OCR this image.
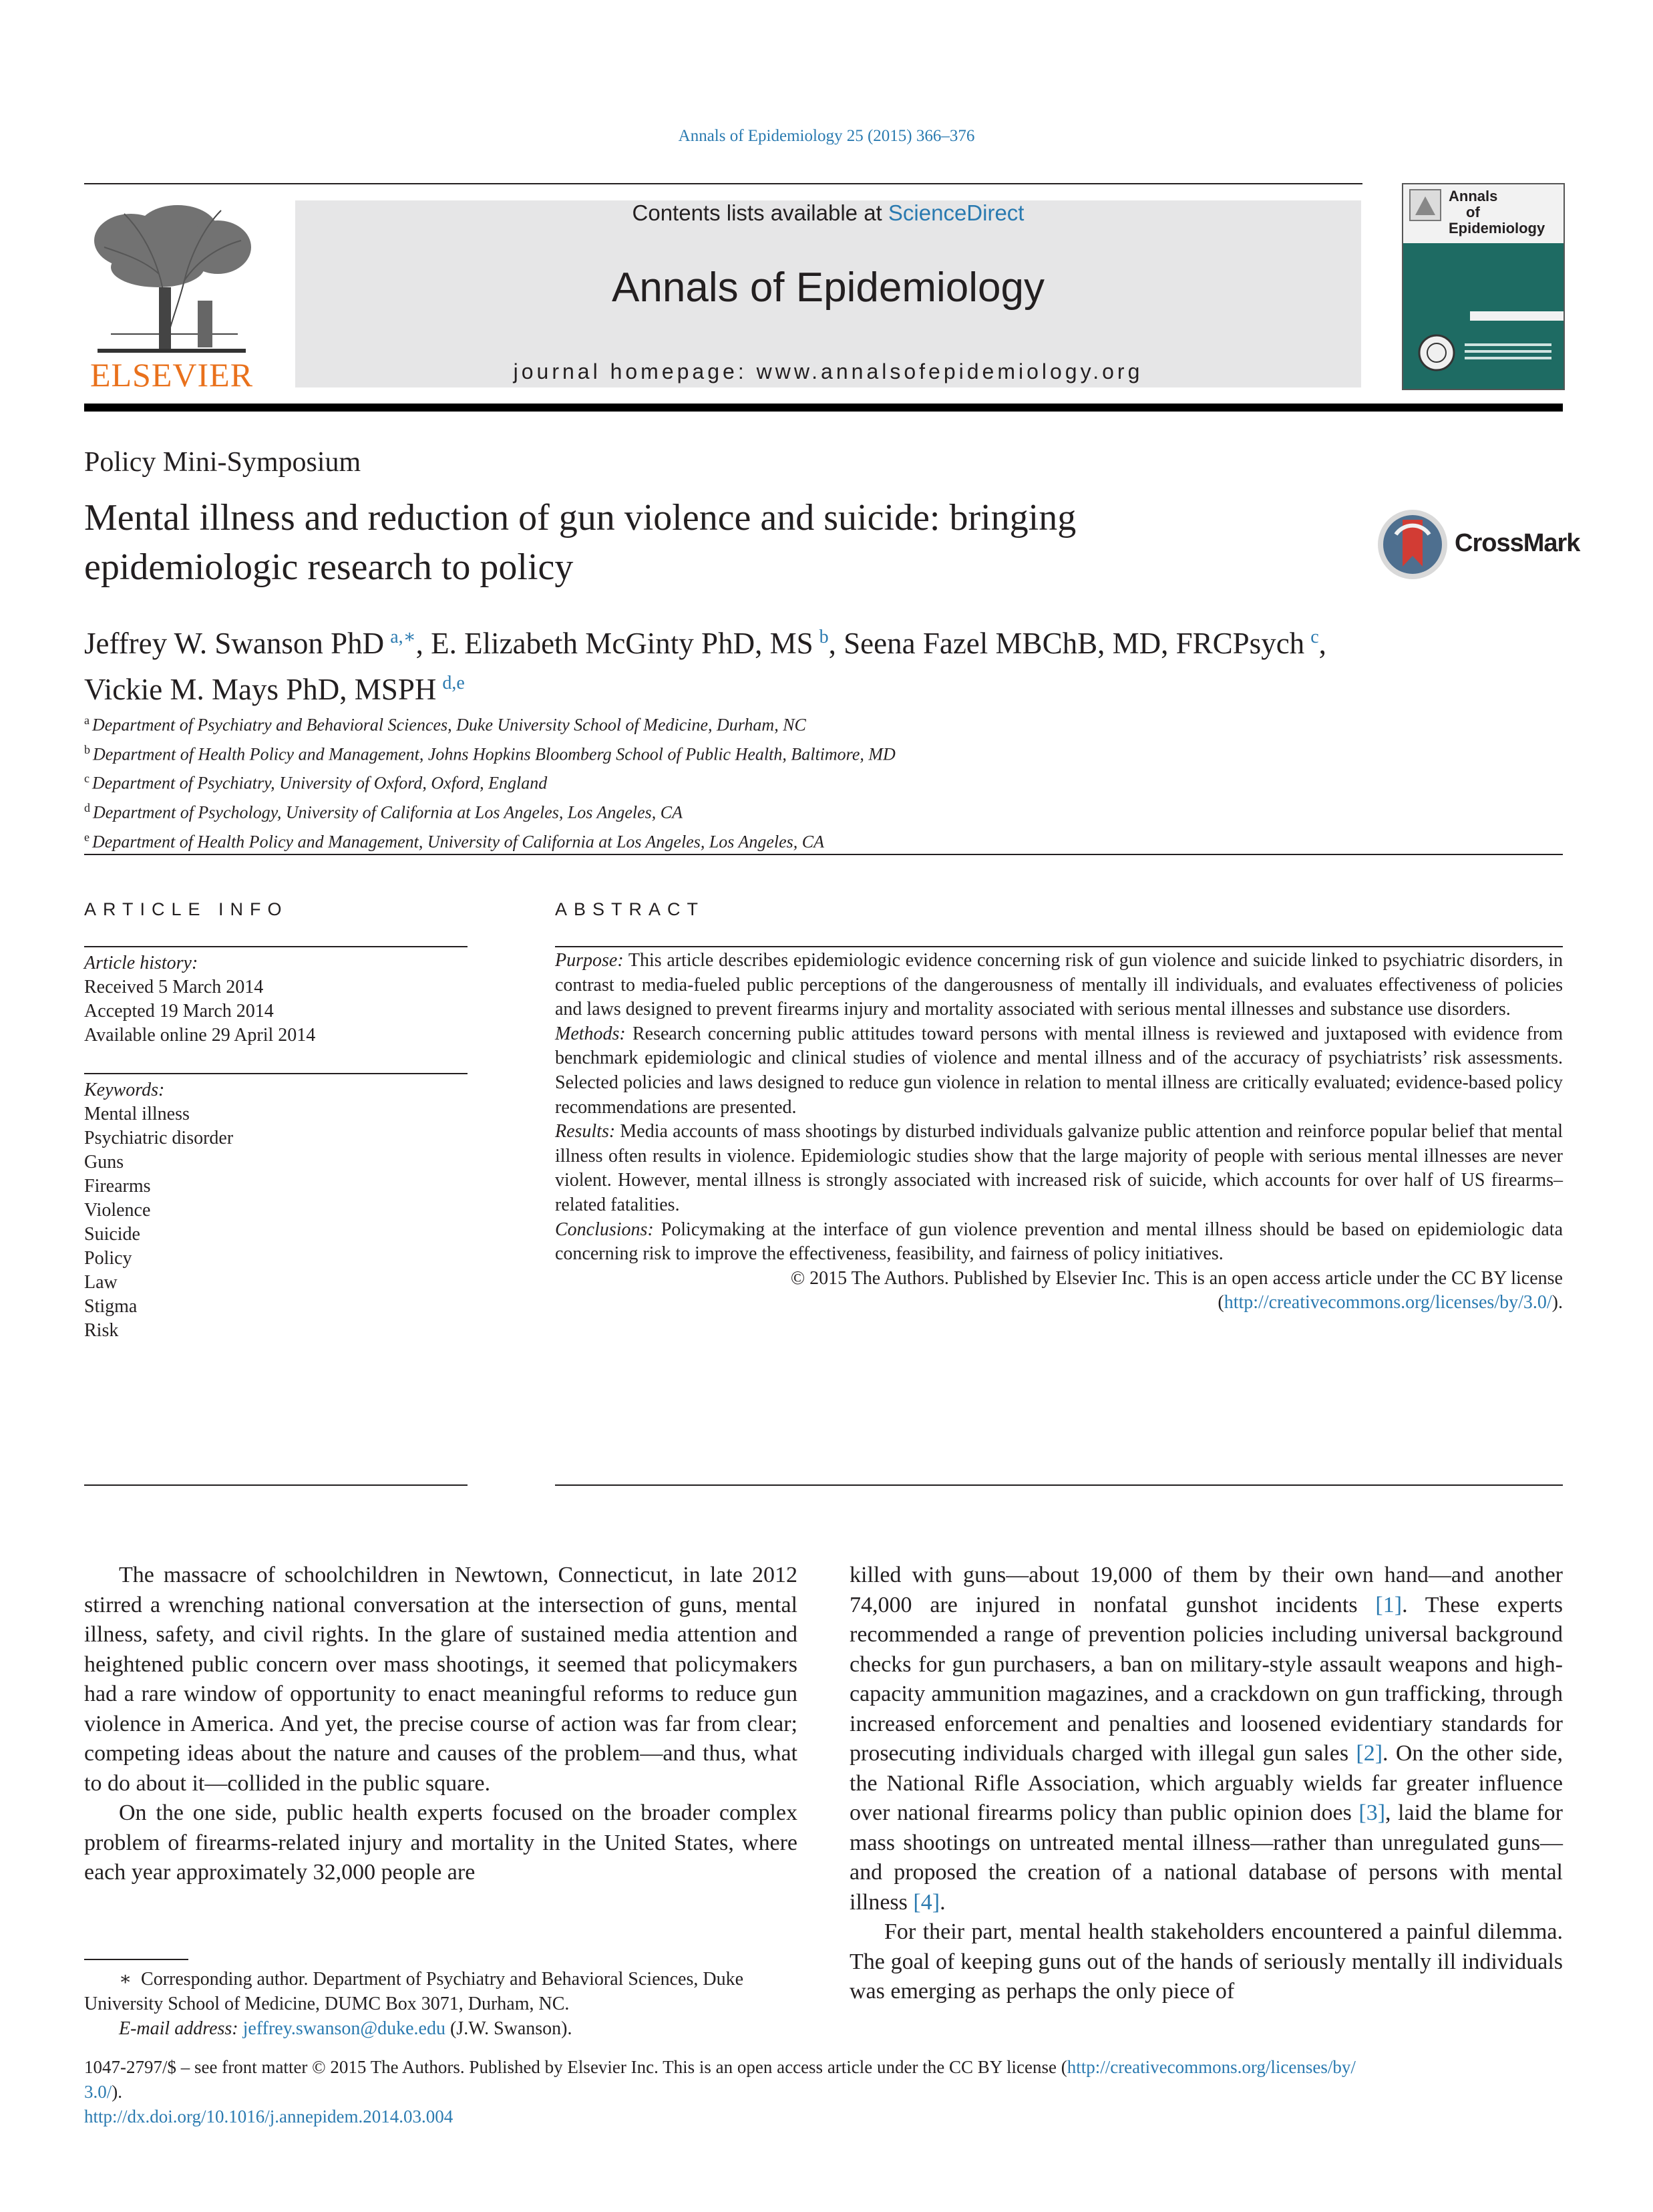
Annals of Epidemiology 25 (2015) 366–376
ELSEVIER
Contents lists available at ScienceDirect
Annals of Epidemiology
journal homepage: www.annalsofepidemiology.org
Annals
of
Epidemiology
Policy Mini-Symposium
Mental illness and reduction of gun violence and suicide: bringing
epidemiologic research to policy
CrossMark
Jeffrey W. Swanson PhD  $^{a,∗}$, E. Elizabeth McGinty PhD, MS  $^b$, Seena Fazel MBChB, MD, FRCPsych  $^c$,
Vickie M. Mays PhD, MSPH  $^{d,e}$
$^a$ Department of Psychiatry and Behavioral Sciences, Duke University School of Medicine, Durham, NC
$^b$ Department of Health Policy and Management, Johns Hopkins Bloomberg School of Public Health, Baltimore, MD
$^c$ Department of Psychiatry, University of Oxford, Oxford, England
$^d$ Department of Psychology, University of California at Los Angeles, Los Angeles, CA
$^e$ Department of Health Policy and Management, University of California at Los Angeles, Los Angeles, CA
ARTICLE INFO
Article history:
Received 5 March 2014
Accepted 19 March 2014
Available online 29 April 2014
Keywords:
Mental illness
Psychiatric disorder
Guns
Firearms
Violence
Suicide
Policy
Law
Stigma
Risk
ABSTRACT

Purpose: This article describes epidemiologic evidence concerning risk of gun violence and suicide linked to psychiatric disorders, in contrast to media-fueled public perceptions of the dangerousness of mentally ill individuals, and evaluates effectiveness of policies and laws designed to prevent firearms injury and mortality associated with serious mental illnesses and substance use disorders.

Methods: Research concerning public attitudes toward persons with mental illness is reviewed and juxtaposed with evidence from benchmark epidemiologic and clinical studies of violence and mental illness and of the accuracy of psychiatrists’ risk assessments. Selected policies and laws designed to reduce gun violence in relation to mental illness are critically evaluated; evidence-based policy recommendations are presented.

Results: Media accounts of mass shootings by disturbed individuals galvanize public attention and reinforce popular belief that mental illness often results in violence. Epidemiologic studies show that the large majority of people with serious mental illnesses are never violent. However, mental illness is strongly associated with increased risk of suicide, which accounts for over half of US firearms–related fatalities.

Conclusions: Policymaking at the interface of gun violence prevention and mental illness should be based on epidemiologic data concerning risk to improve the effectiveness, feasibility, and fairness of policy initiatives.

© 2015 The Authors. Published by Elsevier Inc. This is an open access article under the CC BY license
(http://creativecommons.org/licenses/by/3.0/).

The massacre of schoolchildren in Newtown, Connecticut, in late 2012 stirred a wrenching national conversation at the intersection of guns, mental illness, safety, and civil rights. In the glare of sustained media attention and heightened public concern over mass shootings, it seemed that policymakers had a rare window of opportunity to enact meaningful reforms to reduce gun violence in America. And yet, the precise course of action was far from clear; competing ideas about the nature and causes of the problem—and thus, what to do about it—collided in the public square.

On the one side, public health experts focused on the broader complex problem of firearms-related injury and mortality in the United States, where each year approximately 32,000 people are

killed with guns—about 19,000 of them by their own hand—and another 74,000 are injured in nonfatal gunshot incidents [1]. These experts recommended a range of prevention policies including universal background checks for gun purchasers, a ban on military-style assault weapons and high-capacity ammunition magazines, and a crackdown on gun trafficking, through increased enforcement and penalties and loosened evidentiary standards for prosecuting individuals charged with illegal gun sales [2]. On the other side, the National Rifle Association, which arguably wields far greater influence over national firearms policy than public opinion does [3], laid the blame for mass shootings on untreated mental illness—rather than unregulated guns—and proposed the creation of a national database of persons with mental illness [4].

For their part, mental health stakeholders encountered a painful dilemma. The goal of keeping guns out of the hands of seriously mentally ill individuals was emerging as perhaps the only piece of

∗ Corresponding author. Department of Psychiatry and Behavioral Sciences, Duke University School of Medicine, DUMC Box 3071, Durham, NC.
E-mail address: jeffrey.swanson@duke.edu (J.W. Swanson).
1047-2797/$ – see front matter © 2015 The Authors. Published by Elsevier Inc. This is an open access article under the CC BY license (http://creativecommons.org/licenses/by/
3.0/).
http://dx.doi.org/10.1016/j.annepidem.2014.03.004
